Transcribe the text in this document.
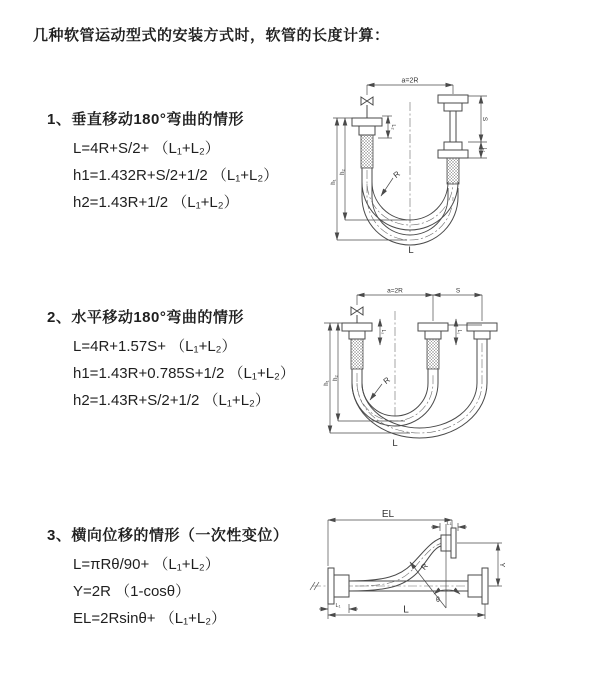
几种软管运动型式的安装方式时，软管的长度计算：
1、垂直移动180°弯曲的情形
L=4R+S/2+ （L₁+L₂）
h1=1.432R+S/2+1/2 （L₁+L₂）
h2=1.43R+1/2 （L₁+L₂）
2、水平移动180°弯曲的情形
L=4R+1.57S+ （L₁+L₂）
h1=1.43R+0.785S+1/2 （L₁+L₂）
h2=1.43R+S/2+1/2 （L₁+L₂）
3、横向位移的情形（一次性变位）
L=πRθ/90+ （L₁+L₂）
Y=2R （1-cosθ）
EL=2Rsinθ+ （L₁+L₂）
a=2R
L₂
S
L₁
h₁
h₂	R
L
a=2R	S
L₂	L₁
h₁
h₂	R
L
R
θ
EL
L₁
Y
L₁	L
